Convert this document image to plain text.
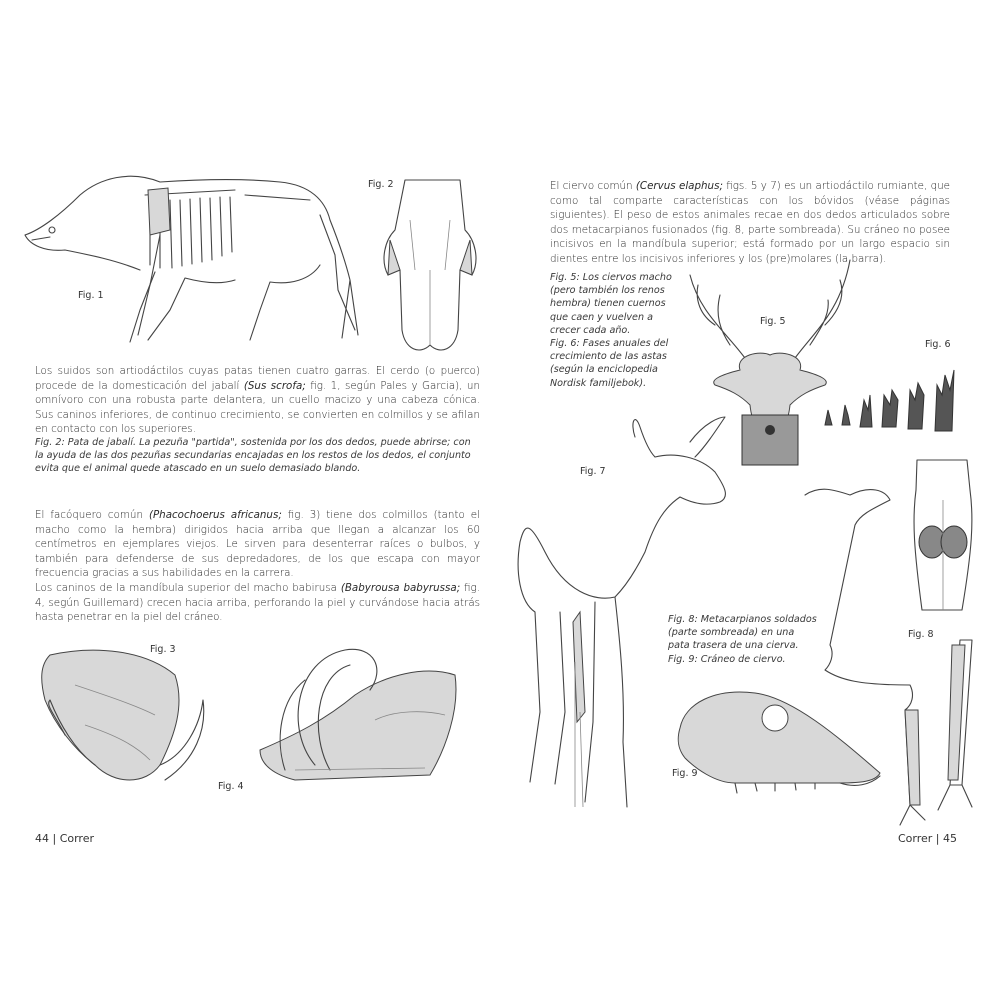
Fig. 1
Fig. 2

Los suidos son artiodáctilos cuyas patas tienen cuatro garras. El cerdo (o puerco) procede de la domesticación del jabalí (Sus scrofa; fig. 1, según Pales y Garcia), un omnívoro con una robusta parte delantera, un cuello macizo y una cabeza cónica. Sus caninos inferiores, de continuo crecimiento, se convierten en colmillos y se afilan en contacto con los superiores.

Fig. 2: Pata de jabalí. La pezuña "partida", sostenida por los dos dedos, puede abrirse; con la ayuda de las dos pezuñas secundarias encajadas en los restos de los dedos, el conjunto evita que el animal quede atascado en un suelo demasiado blando.

El facóquero común (Phacochoerus africanus; fig. 3) tiene dos colmillos (tanto el macho como la hembra) dirigidos hacia arriba que llegan a alcanzar los 60 centímetros en ejemplares viejos. Le sirven para desenterrar raíces o bulbos, y también para defenderse de sus depredadores, de los que escapa con mayor frecuencia gracias a sus habilidades en la carrera.

Los caninos de la mandíbula superior del macho babirusa (Babyrousa babyrussa; fig. 4, según Guillemard) crecen hacia arriba, perforando la piel y curvándose hacia atrás hasta penetrar en la piel del cráneo.

Fig. 3
Fig. 4
44 | Correr

El ciervo común (Cervus elaphus; figs. 5 y 7) es un artiodáctilo rumiante, que como tal comparte características con los bóvidos (véase páginas siguientes). El peso de estos animales recae en dos dedos articulados sobre dos metacarpianos fusionados (fig. 8, parte sombreada). Su cráneo no posee incisivos en la mandíbula superior; está formado por un largo espacio sin dientes entre los incisivos inferiores y los (pre)molares (la barra).

Fig. 5: Los ciervos macho (pero también los renos hembra) tienen cuernos que caen y vuelven a crecer cada año.
Fig. 6: Fases anuales del crecimiento de las astas (según la enciclopedia Nordisk familjebok).
Fig. 5
Fig. 6
Fig. 7
Fig. 8: Metacarpianos soldados (parte sombreada) en una pata trasera de una cierva.
Fig. 9: Cráneo de ciervo.
Fig. 8
Fig. 9
Correr | 45
